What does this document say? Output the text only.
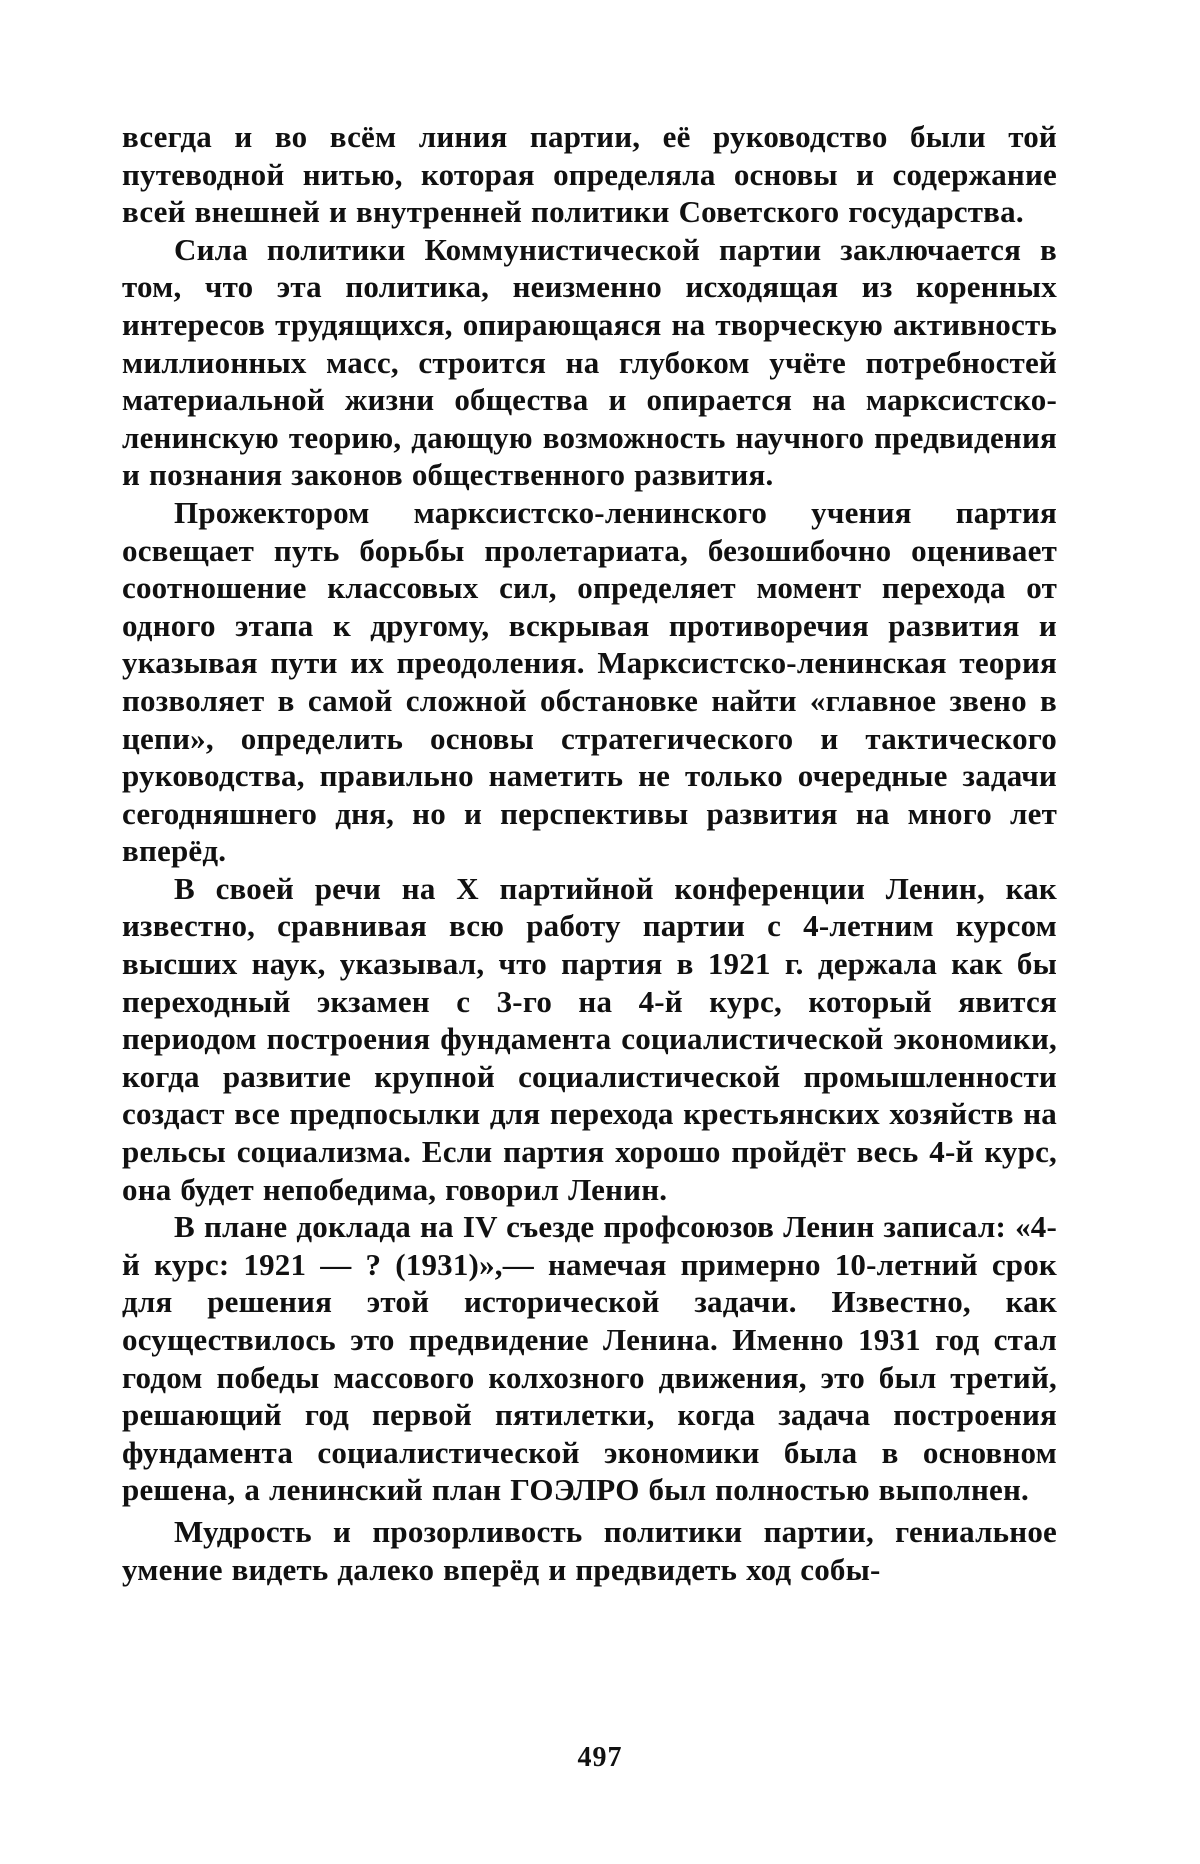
всегда и во всём линия партии, её руководство были той путеводной нитью, которая определяла основы и содержание всей внешней и внутренней политики Советского государства.

Сила политики Коммунистической партии заключается в том, что эта политика, неизменно исходящая из коренных интересов трудящихся, опирающаяся на творческую активность миллионных масс, строится на глубоком учёте потребностей материальной жизни общества и опирается на марксистско-ленинскую теорию, дающую возможность научного предвидения и познания законов общественного развития.

Прожектором марксистско-ленинского учения партия освещает путь борьбы пролетариата, безошибочно оценивает соотношение классовых сил, определяет момент перехода от одного этапа к другому, вскрывая противоречия развития и указывая пути их преодоления. Марксистско-ленинская теория позволяет в самой сложной обстановке найти «главное звено в цепи», определить основы стратегического и тактического руководства, правильно наметить не только очередные задачи сегодняшнего дня, но и перспективы развития на много лет вперёд.

В своей речи на X партийной конференции Ленин, как известно, сравнивая всю работу партии с 4-летним курсом высших наук, указывал, что партия в 1921 г. держала как бы переходный экзамен с 3-го на 4-й курс, который явится периодом построения фундамента социалистической экономики, когда развитие крупной социалистической промышленности создаст все предпосылки для перехода крестьянских хозяйств на рельсы социализма. Если партия хорошо пройдёт весь 4-й курс, она будет непобедима, говорил Ленин.

В плане доклада на IV съезде профсоюзов Ленин записал: «4-й курс: 1921 — ? (1931)»,— намечая примерно 10-летний срок для решения этой исторической задачи. Известно, как осуществилось это предвидение Ленина. Именно 1931 год стал годом победы массового колхозного движения, это был третий, решающий год первой пятилетки, когда задача построения фундамента социалистической экономики была в основном решена, а ленинский план ГОЭЛРО был полностью выполнен.

Мудрость и прозорливость политики партии, гениальное умение видеть далеко вперёд и предвидеть ход собы-

497
